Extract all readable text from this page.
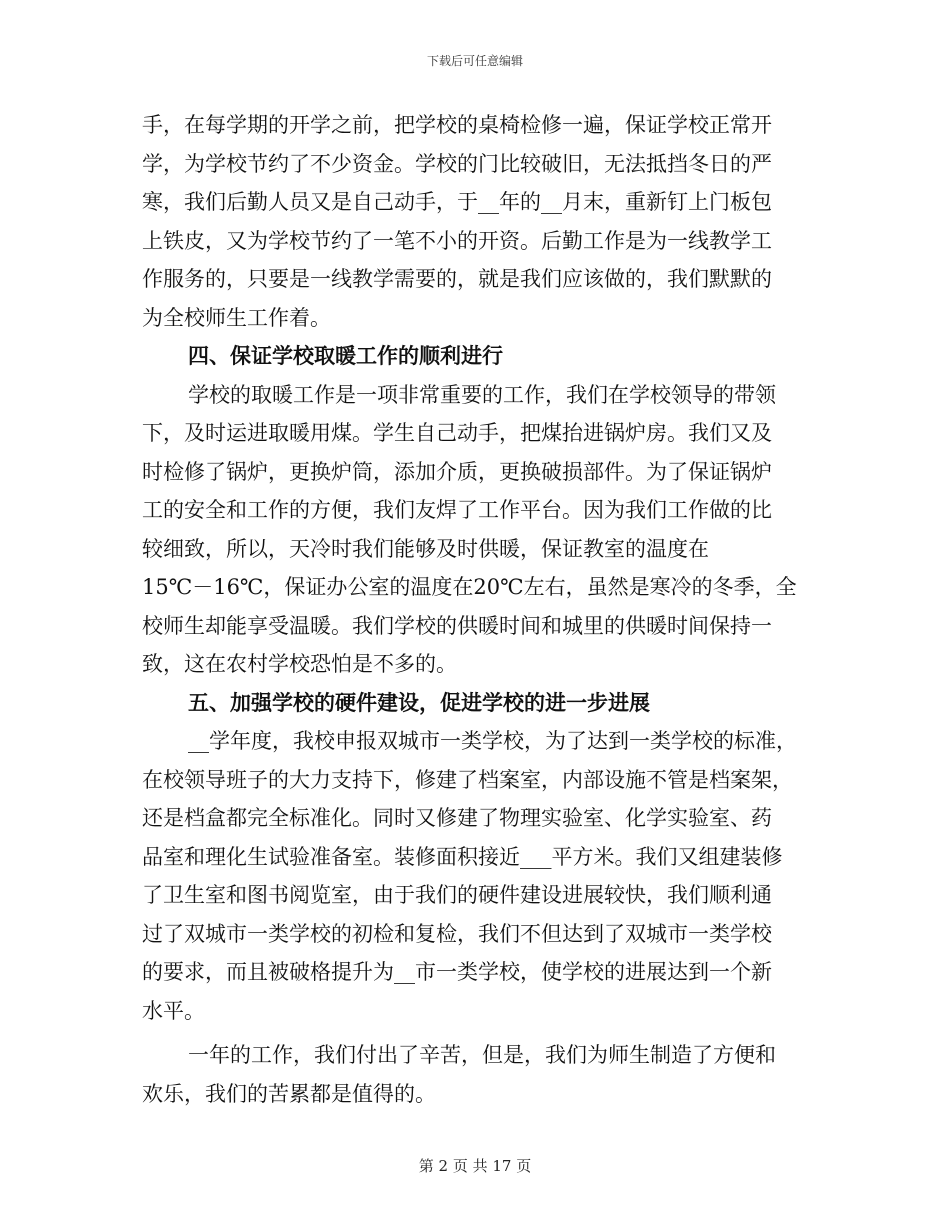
下载后可任意编辑
手，在每学期的开学之前，把学校的桌椅检修一遍，保证学校正常开
学，为学校节约了不少资金。学校的门比较破旧，无法抵挡冬日的严
寒，我们后勤人员又是自己动手，于__年的__月末，重新钉上门板包
上铁皮，又为学校节约了一笔不小的开资。后勤工作是为一线教学工
作服务的，只要是一线教学需要的，就是我们应该做的，我们默默的
为全校师生工作着。
四、保证学校取暖工作的顺利进行
学校的取暖工作是一项非常重要的工作，我们在学校领导的带领
下，及时运进取暖用煤。学生自己动手，把煤抬进锅炉房。我们又及
时检修了锅炉，更换炉筒，添加介质，更换破损部件。为了保证锅炉
工的安全和工作的方便，我们友焊了工作平台。因为我们工作做的比
较细致，所以，天冷时我们能够及时供暖，保证教室的温度在
15℃－16℃，保证办公室的温度在20℃左右，虽然是寒冷的冬季，全
校师生却能享受温暖。我们学校的供暖时间和城里的供暖时间保持一
致，这在农村学校恐怕是不多的。
五、加强学校的硬件建设，促进学校的进一步进展
__学年度，我校申报双城市一类学校，为了达到一类学校的标准，
在校领导班子的大力支持下，修建了档案室，内部设施不管是档案架，
还是档盒都完全标准化。同时又修建了物理实验室、化学实验室、药
品室和理化生试验准备室。装修面积接近___平方米。我们又组建装修
了卫生室和图书阅览室，由于我们的硬件建设进展较快，我们顺利通
过了双城市一类学校的初检和复检，我们不但达到了双城市一类学校
的要求，而且被破格提升为__市一类学校，使学校的进展达到一个新
水平。
一年的工作，我们付出了辛苦，但是，我们为师生制造了方便和
欢乐，我们的苦累都是值得的。
第 2 页 共 17 页
